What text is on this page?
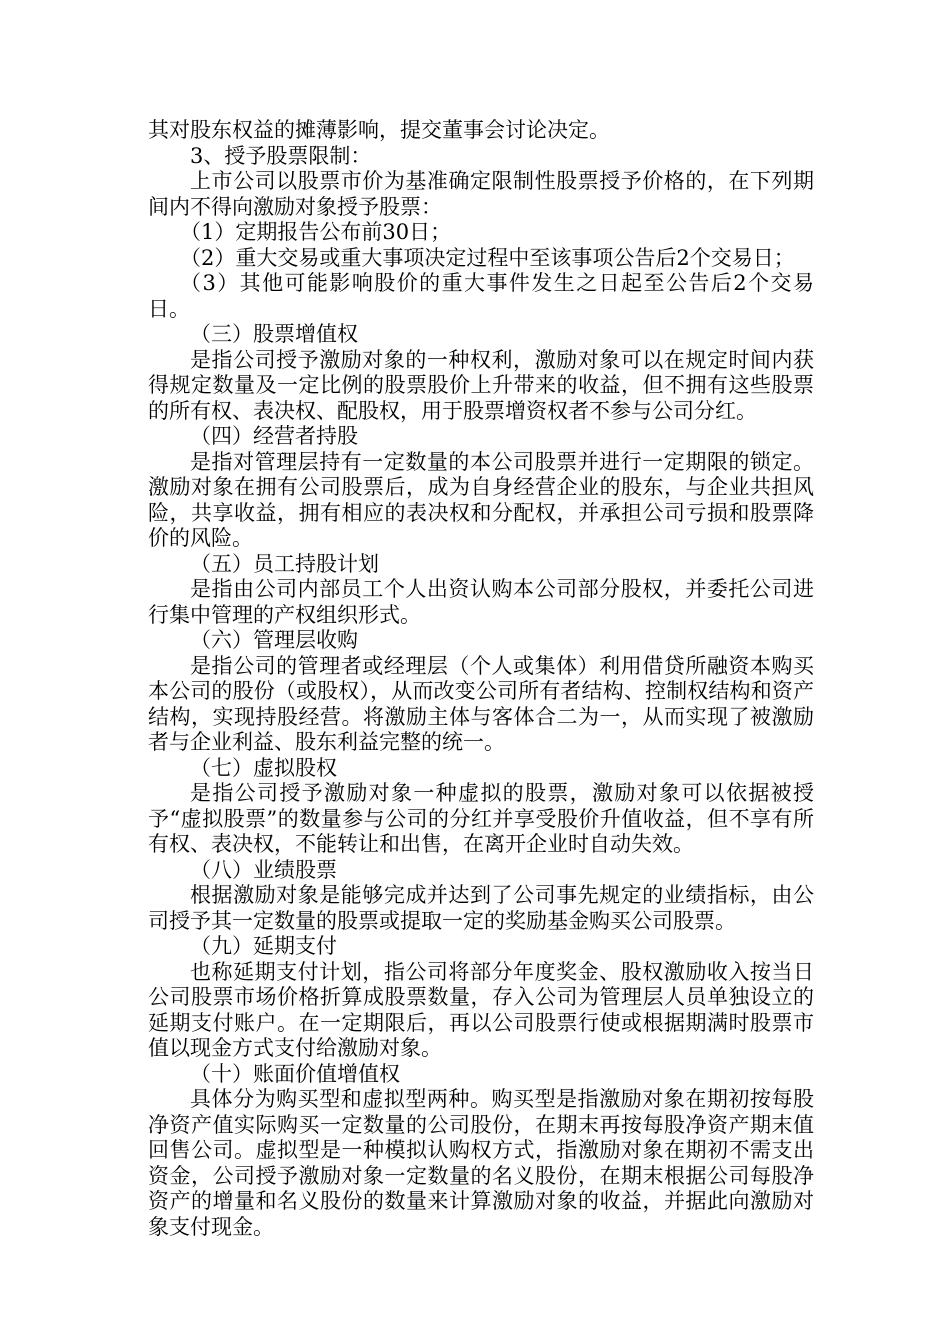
其对股东权益的摊薄影响，提交董事会讨论决定。

3、授予股票限制：

上市公司以股票市价为基准确定限制性股票授予价格的，在下列期间内不得向激励对象授予股票：

（1）定期报告公布前30日；

（2）重大交易或重大事项决定过程中至该事项公告后2个交易日；

（3）其他可能影响股价的重大事件发生之日起至公告后2个交易日。

（三）股票增值权

是指公司授予激励对象的一种权利，激励对象可以在规定时间内获得规定数量及一定比例的股票股价上升带来的收益，但不拥有这些股票的所有权、表决权、配股权，用于股票增资权者不参与公司分红。

（四）经营者持股

是指对管理层持有一定数量的本公司股票并进行一定期限的锁定。激励对象在拥有公司股票后，成为自身经营企业的股东，与企业共担风险，共享收益，拥有相应的表决权和分配权，并承担公司亏损和股票降价的风险。

（五）员工持股计划

是指由公司内部员工个人出资认购本公司部分股权，并委托公司进行集中管理的产权组织形式。

（六）管理层收购

是指公司的管理者或经理层（个人或集体）利用借贷所融资本购买本公司的股份（或股权），从而改变公司所有者结构、控制权结构和资产结构，实现持股经营。将激励主体与客体合二为一，从而实现了被激励者与企业利益、股东利益完整的统一。

（七）虚拟股权

是指公司授予激励对象一种虚拟的股票，激励对象可以依据被授予“虚拟股票”的数量参与公司的分红并享受股价升值收益，但不享有所有权、表决权，不能转让和出售，在离开企业时自动失效。

（八）业绩股票

根据激励对象是能够完成并达到了公司事先规定的业绩指标，由公司授予其一定数量的股票或提取一定的奖励基金购买公司股票。

（九）延期支付

也称延期支付计划，指公司将部分年度奖金、股权激励收入按当日公司股票市场价格折算成股票数量，存入公司为管理层人员单独设立的延期支付账户。在一定期限后，再以公司股票行使或根据期满时股票市值以现金方式支付给激励对象。

（十）账面价值增值权

具体分为购买型和虚拟型两种。购买型是指激励对象在期初按每股净资产值实际购买一定数量的公司股份，在期末再按每股净资产期末值回售公司。虚拟型是一种模拟认购权方式，指激励对象在期初不需支出资金，公司授予激励对象一定数量的名义股份，在期末根据公司每股净资产的增量和名义股份的数量来计算激励对象的收益，并据此向激励对象支付现金。
